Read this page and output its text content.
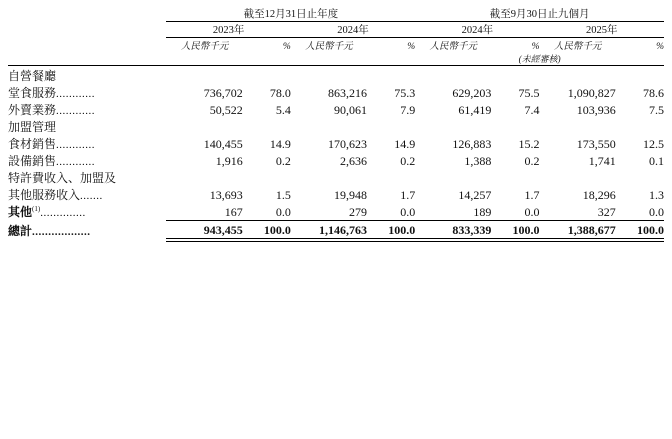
	截至12月31日止年度				截至9月30日止九個月			
	2023年		2024年		2024年		2025年	
	人民幣千元	%	人民幣千元	%	人民幣千元	%	人民幣千元	%
					(未經審核)			

自營餐廳								
堂食服務............	736,702	78.0	863,216	75.3	629,203	75.5	1,090,827	78.6
外賣業務............	50,522	5.4	90,061	7.9	61,419	7.4	103,936	7.5
加盟管理								
食材銷售............	140,455	14.9	170,623	14.9	126,883	15.2	173,550	12.5
設備銷售............	1,916	0.2	2,636	0.2	1,388	0.2	1,741	0.1
特許費收入、加盟及								
其他服務收入.......	13,693	1.5	19,948	1.7	14,257	1.7	18,296	1.3
其他$^{(1)}$..............	167	0.0	279	0.0	189	0.0	327	0.0

總計..................	943,455	100.0	1,146,763	100.0	833,339	100.0	1,388,677	100.0
